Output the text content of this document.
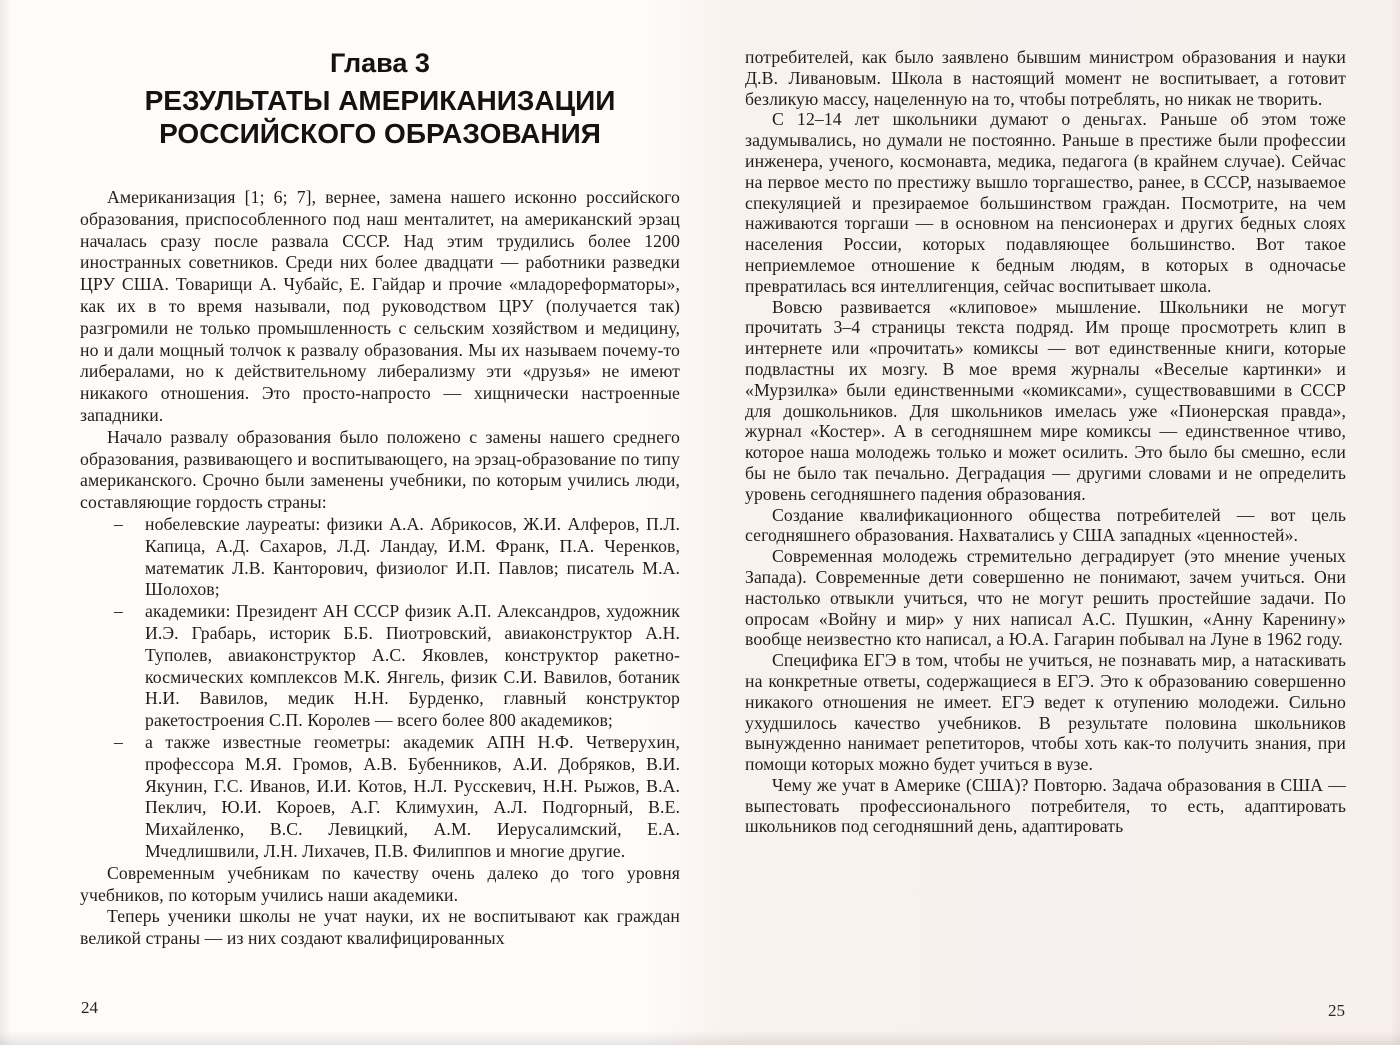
Глава 3
РЕЗУЛЬТАТЫ АМЕРИКАНИЗАЦИИ
РОССИЙСКОГО ОБРАЗОВАНИЯ

Американизация [1; 6; 7], вернее, замена нашего исконно российского образования, приспособленного под наш менталитет, на американский эрзац началась сразу после развала СССР. Над этим трудились более 1200 иностранных советников. Среди них более двадцати — работники разведки ЦРУ США. Товарищи А. Чубайс, Е. Гайдар и прочие «младореформаторы», как их в то время называли, под руководством ЦРУ (получается так) разгромили не только промышленность с сельским хозяйством и медицину, но и дали мощный толчок к развалу образования. Мы их называем почему-то либералами, но к действительному либерализму эти «друзья» не имеют никакого отношения. Это просто-напросто — хищнически настроенные западники.

Начало развалу образования было положено с замены нашего среднего образования, развивающего и воспитывающего, на эрзац-образование по типу американского. Срочно были заменены учебники, по которым учились люди, составляющие гордость страны:

– нобелевские лауреаты: физики А.А. Абрикосов, Ж.И. Алферов, П.Л. Капица, А.Д. Сахаров, Л.Д. Ландау, И.М. Франк, П.А. Черенков, математик Л.В. Канторович, физиолог И.П. Павлов; писатель М.А. Шолохов;
– академики: Президент АН СССР физик А.П. Александров, художник И.Э. Грабарь, историк Б.Б. Пиотровский, авиаконструктор А.Н. Туполев, авиаконструктор А.С. Яковлев, конструктор ракетно-космических комплексов М.К. Янгель, физик С.И. Вавилов, ботаник Н.И. Вавилов, медик Н.Н. Бурденко, главный конструктор ракетостроения С.П. Королев — всего более 800 академиков;
– а также известные геометры: академик АПН Н.Ф. Четверухин, профессора М.Я. Громов, А.В. Бубенников, А.И. Добряков, В.И. Якунин, Г.С. Иванов, И.И. Котов, Н.Л. Русскевич, Н.Н. Рыжов, В.А. Пеклич, Ю.И. Короев, А.Г. Климухин, А.Л. Подгорный, В.Е. Михайленко, В.С. Левицкий, А.М. Иерусалимский, Е.А. Мчедлишвили, Л.Н. Лихачев, П.В. Филиппов и многие другие.

Современным учебникам по качеству очень далеко до того уровня учебников, по которым учились наши академики.

Теперь ученики школы не учат науки, их не воспитывают как граждан великой страны — из них создают квалифицированных

24

потребителей, как было заявлено бывшим министром образования и науки Д.В. Ливановым. Школа в настоящий момент не воспитывает, а готовит безликую массу, нацеленную на то, чтобы потреблять, но никак не творить.

С 12–14 лет школьники думают о деньгах. Раньше об этом тоже задумывались, но думали не постоянно. Раньше в престиже были профессии инженера, ученого, космонавта, медика, педагога (в крайнем случае). Сейчас на первое место по престижу вышло торгашество, ранее, в СССР, называемое спекуляцией и презираемое большинством граждан. Посмотрите, на чем наживаются торгаши — в основном на пенсионерах и других бедных слоях населения России, которых подавляющее большинство. Вот такое неприемлемое отношение к бедным людям, в которых в одночасье превратилась вся интеллигенция, сейчас воспитывает школа.

Вовсю развивается «клиповое» мышление. Школьники не могут прочитать 3–4 страницы текста подряд. Им проще просмотреть клип в интернете или «прочитать» комиксы — вот единственные книги, которые подвластны их мозгу. В мое время журналы «Веселые картинки» и «Мурзилка» были единственными «комиксами», существовавшими в СССР для дошкольников. Для школьников имелась уже «Пионерская правда», журнал «Костер». А в сегодняшнем мире комиксы — единственное чтиво, которое наша молодежь только и может осилить. Это было бы смешно, если бы не было так печально. Деградация — другими словами и не определить уровень сегодняшнего падения образования.

Создание квалификационного общества потребителей — вот цель сегодняшнего образования. Нахватались у США западных «ценностей».

Современная молодежь стремительно деградирует (это мнение ученых Запада). Современные дети совершенно не понимают, зачем учиться. Они настолько отвыкли учиться, что не могут решить простейшие задачи. По опросам «Войну и мир» у них написал А.С. Пушкин, «Анну Каренину» вообще неизвестно кто написал, а Ю.А. Гагарин побывал на Луне в 1962 году.

Специфика ЕГЭ в том, чтобы не учиться, не познавать мир, а натаскивать на конкретные ответы, содержащиеся в ЕГЭ. Это к образованию совершенно никакого отношения не имеет. ЕГЭ ведет к отупению молодежи. Сильно ухудшилось качество учебников. В результате половина школьников вынужденно нанимает репетиторов, чтобы хоть как-то получить знания, при помощи которых можно будет учиться в вузе.

Чему же учат в Америке (США)? Повторю. Задача образования в США — выпестовать профессионального потребителя, то есть, адаптировать школьников под сегодняшний день, адаптировать

25
